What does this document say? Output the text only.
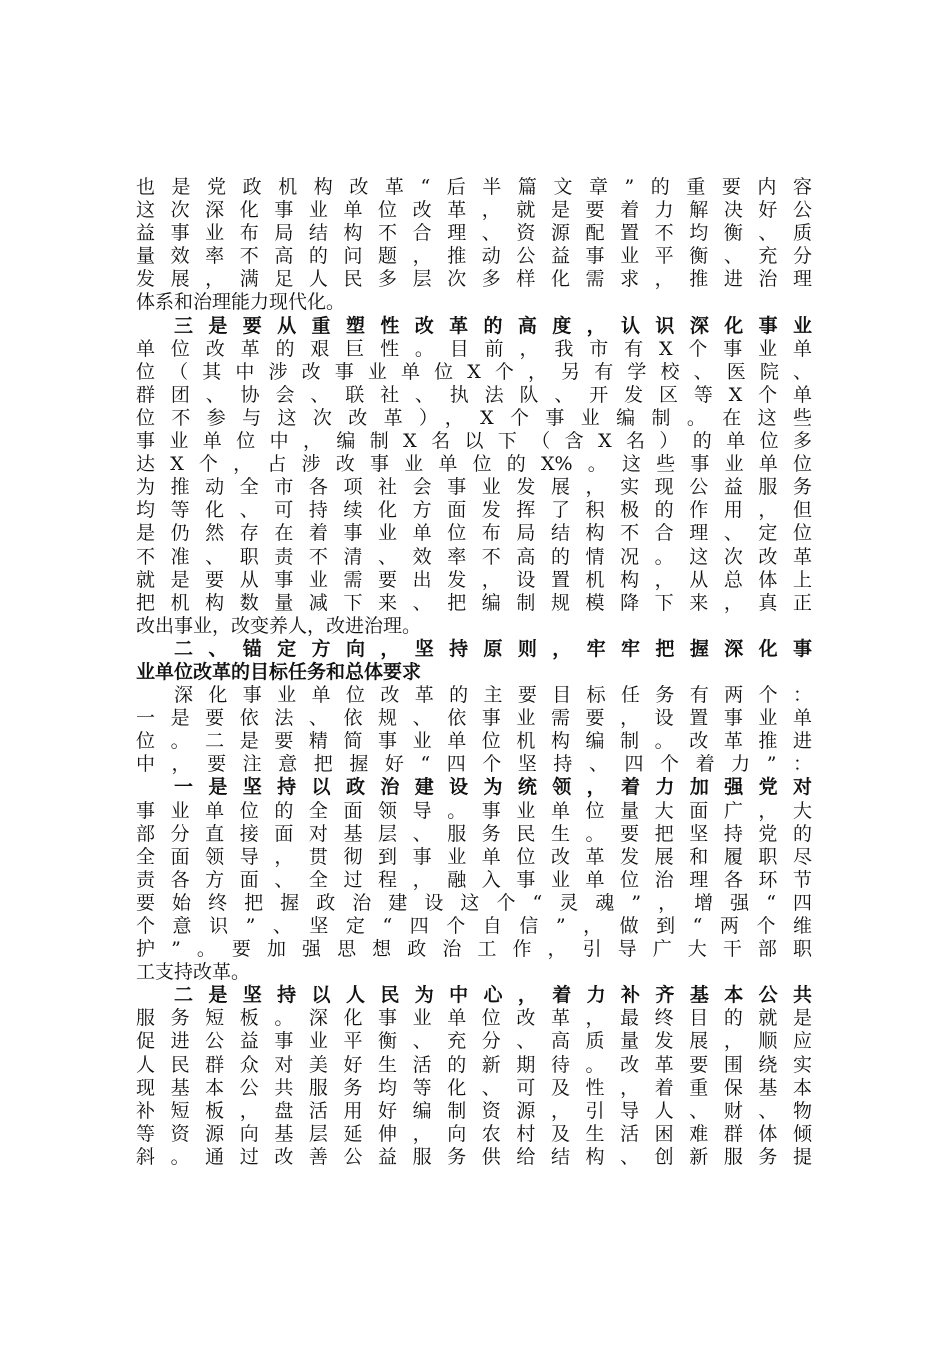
也是党政机构改革“后半篇文章”的重要内容
这次深化事业单位改革，就是要着力解决好公
益事业布局结构不合理、资源配置不均衡、质
量效率不高的问题，推动公益事业平衡、充分
发展，满足人民多层次多样化需求，推进治理
体系和治理能力现代化。
三是要从重塑性改革的高度，认识深化事业
单位改革的艰巨性。目前，我市有X个事业单
位（其中涉改事业单位X个，另有学校、医院、
群团、协会、联社、执法队、开发区等X个单
位不参与这次改革），X个事业编制。在这些
事业单位中，编制X名以下（含X名）的单位多
达X个，占涉改事业单位的X%。这些事业单位
为推动全市各项社会事业发展，实现公益服务
均等化、可持续化方面发挥了积极的作用，但
是仍然存在着事业单位布局结构不合理、定位
不准、职责不清、效率不高的情况。这次改革
就是要从事业需要出发，设置机构，从总体上
把机构数量减下来、把编制规模降下来，真正
改出事业，改变养人，改进治理。
二、锚定方向，坚持原则，牢牢把握深化事
业单位改革的目标任务和总体要求
深化事业单位改革的主要目标任务有两个：
一是要依法、依规、依事业需要，设置事业单
位。二是要精简事业单位机构编制。改革推进
中，要注意把握好“四个坚持、四个着力”：
一是坚持以政治建设为统领，着力加强党对
事业单位的全面领导。事业单位量大面广，大
部分直接面对基层、服务民生。要把坚持党的
全面领导，贯彻到事业单位改革发展和履职尽
责各方面、全过程，融入事业单位治理各环节
要始终把握政治建设这个“灵魂”，增强“四
个意识”、坚定“四个自信”，做到“两个维
护”。要加强思想政治工作，引导广大干部职
工支持改革。
二是坚持以人民为中心，着力补齐基本公共
服务短板。深化事业单位改革，最终目的就是
促进公益事业平衡、充分、高质量发展，顺应
人民群众对美好生活的新期待。改革要围绕实
现基本公共服务均等化、可及性，着重保基本
补短板，盘活用好编制资源，引导人、财、物
等资源向基层延伸，向农村及生活困难群体倾
斜。通过改善公益服务供给结构、创新服务提
